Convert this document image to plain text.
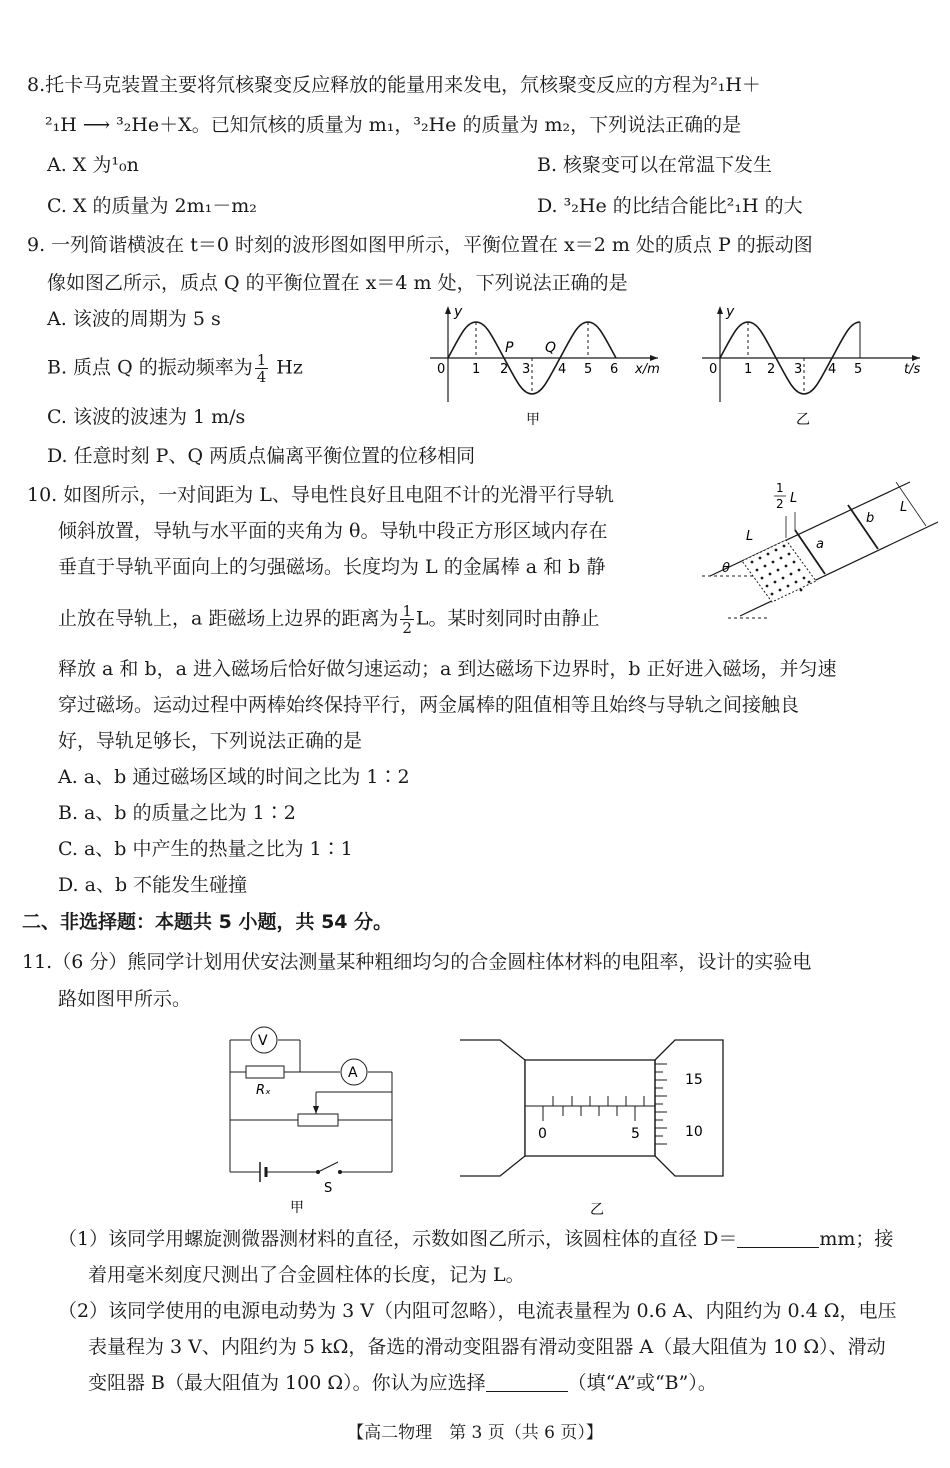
8.托卡马克装置主要将氘核聚变反应释放的能量用来发电，氘核聚变反应的方程为²₁H＋
²₁H ⟶ ³₂He＋X。已知氘核的质量为 m₁，³₂He 的质量为 m₂，下列说法正确的是
A. X 为¹₀n	B. 核聚变可以在常温下发生
C. X 的质量为 2m₁－m₂	D. ³₂He 的比结合能比²₁H 的大
9. 一列简谐横波在 t＝0 时刻的波形图如图甲所示，平衡位置在 x＝2 m 处的质点 P 的振动图
像如图乙所示，质点 Q 的平衡位置在 x＝4 m 处，下列说法正确的是
A. 该波的周期为 5 s
B. 质点 Q 的振动频率为 $\frac{1}{4}$ Hz
C. 该波的波速为 1 m/s
D. 任意时刻 P、Q 两质点偏离平衡位置的位移相同
y
0 1 2 3 4 5 6
P Q
x/m
甲
y
0 1 2 3 4 5	t/s
乙
10. 如图所示，一对间距为 L、导电性良好且电阻不计的光滑平行导轨
倾斜放置，导轨与水平面的夹角为 θ。导轨中段正方形区域内存在
垂直于导轨平面向上的匀强磁场。长度均为 L 的金属棒 a 和 b 静
止放在导轨上，a 距磁场上边界的距离为 $\frac{1}{2}$ L。某时刻同时由静止
释放 a 和 b，a 进入磁场后恰好做匀速运动；a 到达磁场下边界时，b 正好进入磁场，并匀速
穿过磁场。运动过程中两棒始终保持平行，两金属棒的阻值相等且始终与导轨之间接触良
好，导轨足够长，下列说法正确的是
A. a、b 通过磁场区域的时间之比为 1∶2
B. a、b 的质量之比为 1∶2
C. a、b 中产生的热量之比为 1∶1
D. a、b 不能发生碰撞
a
b
1
2 L
L
L
θ
二、非选择题：本题共 5 小题，共 54 分。
11.（6 分）熊同学计划用伏安法测量某种粗细均匀的合金圆柱体材料的电阻率，设计的实验电
路如图甲所示。
V
Rₓ
A
S
甲
0	5
15
10
乙
（1）该同学用螺旋测微器测材料的直径，示数如图乙所示，该圆柱体的直径 D＝	mm；接
着用毫米刻度尺测出了合金圆柱体的长度，记为 L。
（2）该同学使用的电源电动势为 3 V（内阻可忽略），电流表量程为 0.6 A、内阻约为 0.4 Ω，电压
表量程为 3 V、内阻约为 5 kΩ，备选的滑动变阻器有滑动变阻器 A（最大阻值为 10 Ω）、滑动
变阻器 B（最大阻值为 100 Ω）。你认为应选择	（填“A”或“B”）。
【高二物理　第 3 页（共 6 页）】
